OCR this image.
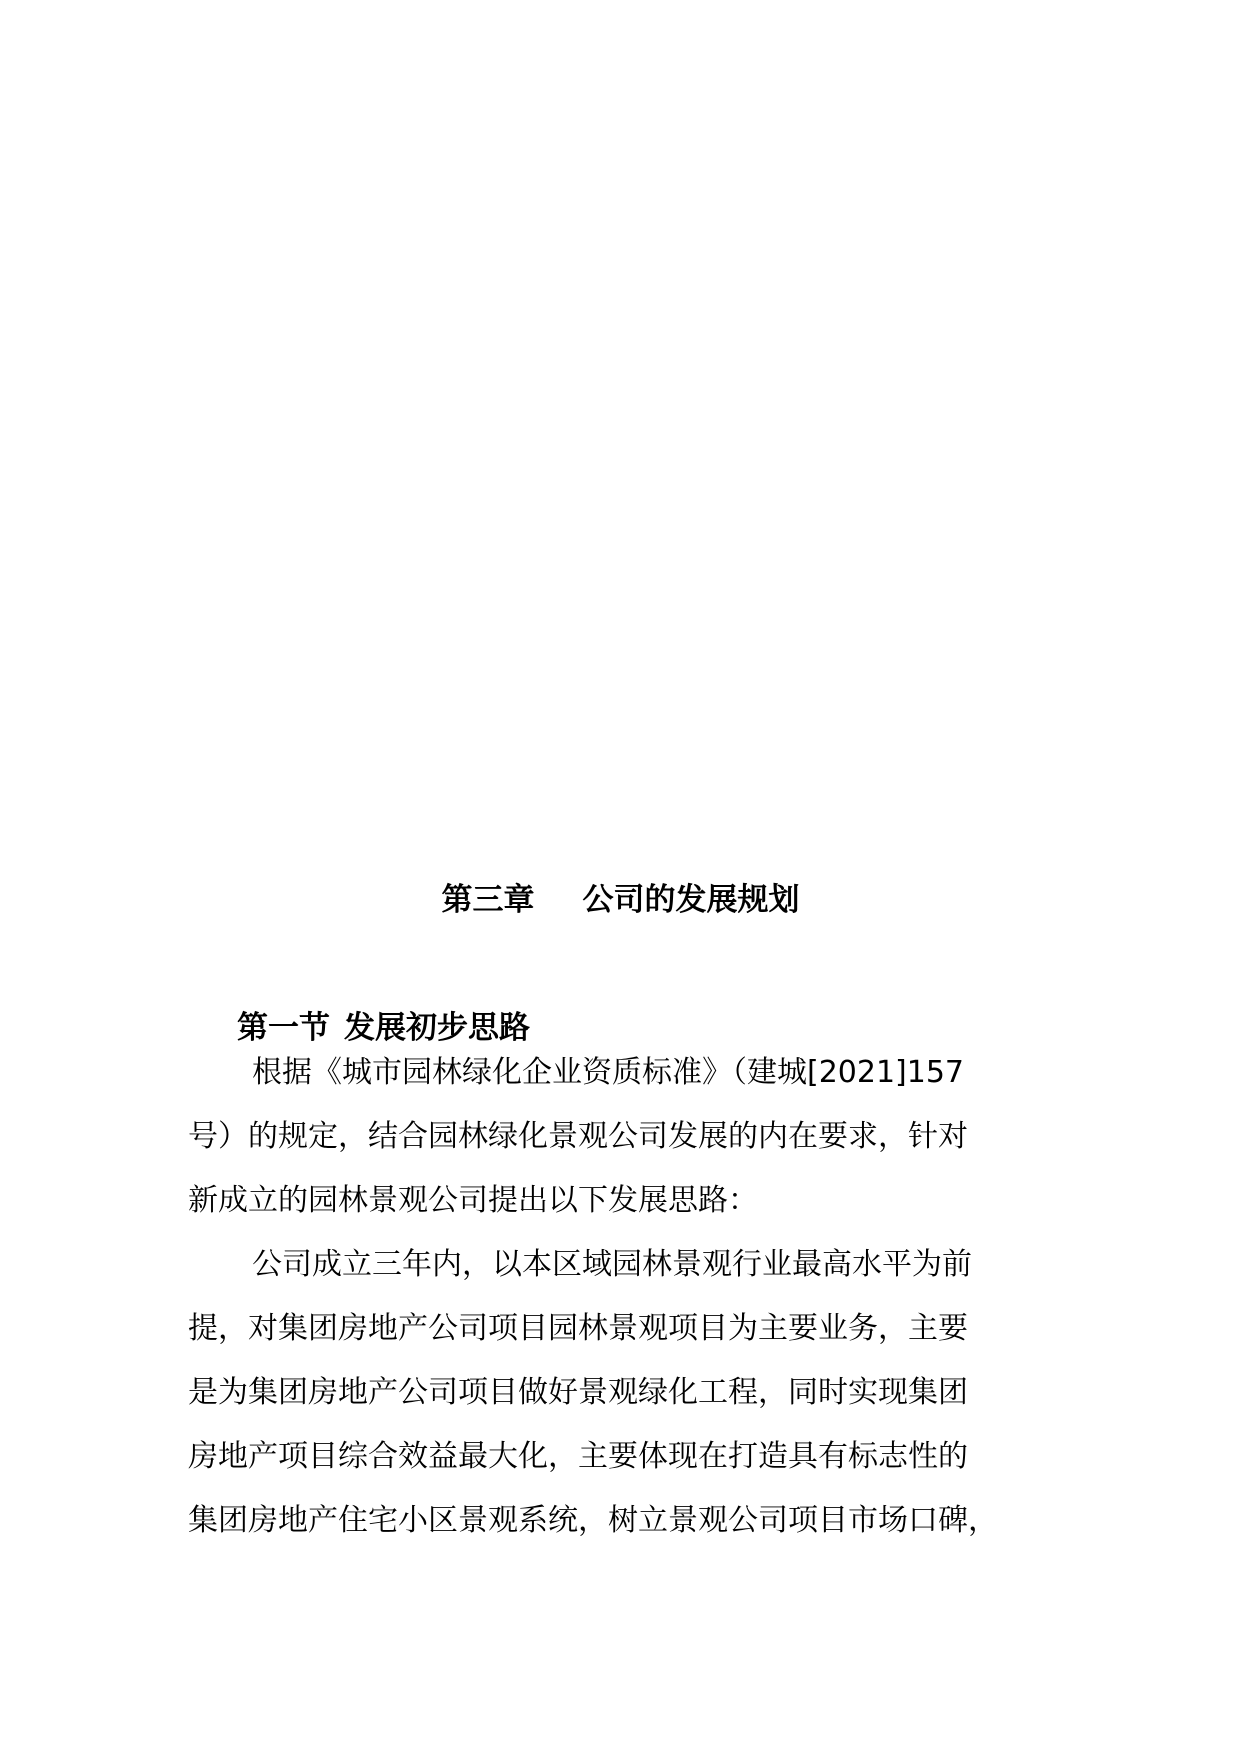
第三章 公司的发展规划
第一节 发展初步思路
根据《城市园林绿化企业资质标准》（建城[2021]157
号）的规定，结合园林绿化景观公司发展的内在要求，针对
新成立的园林景观公司提出以下发展思路：
公司成立三年内，以本区域园林景观行业最高水平为前
提，对集团房地产公司项目园林景观项目为主要业务，主要
是为集团房地产公司项目做好景观绿化工程，同时实现集团
房地产项目综合效益最大化，主要体现在打造具有标志性的
集团房地产住宅小区景观系统，树立景观公司项目市场口碑，
